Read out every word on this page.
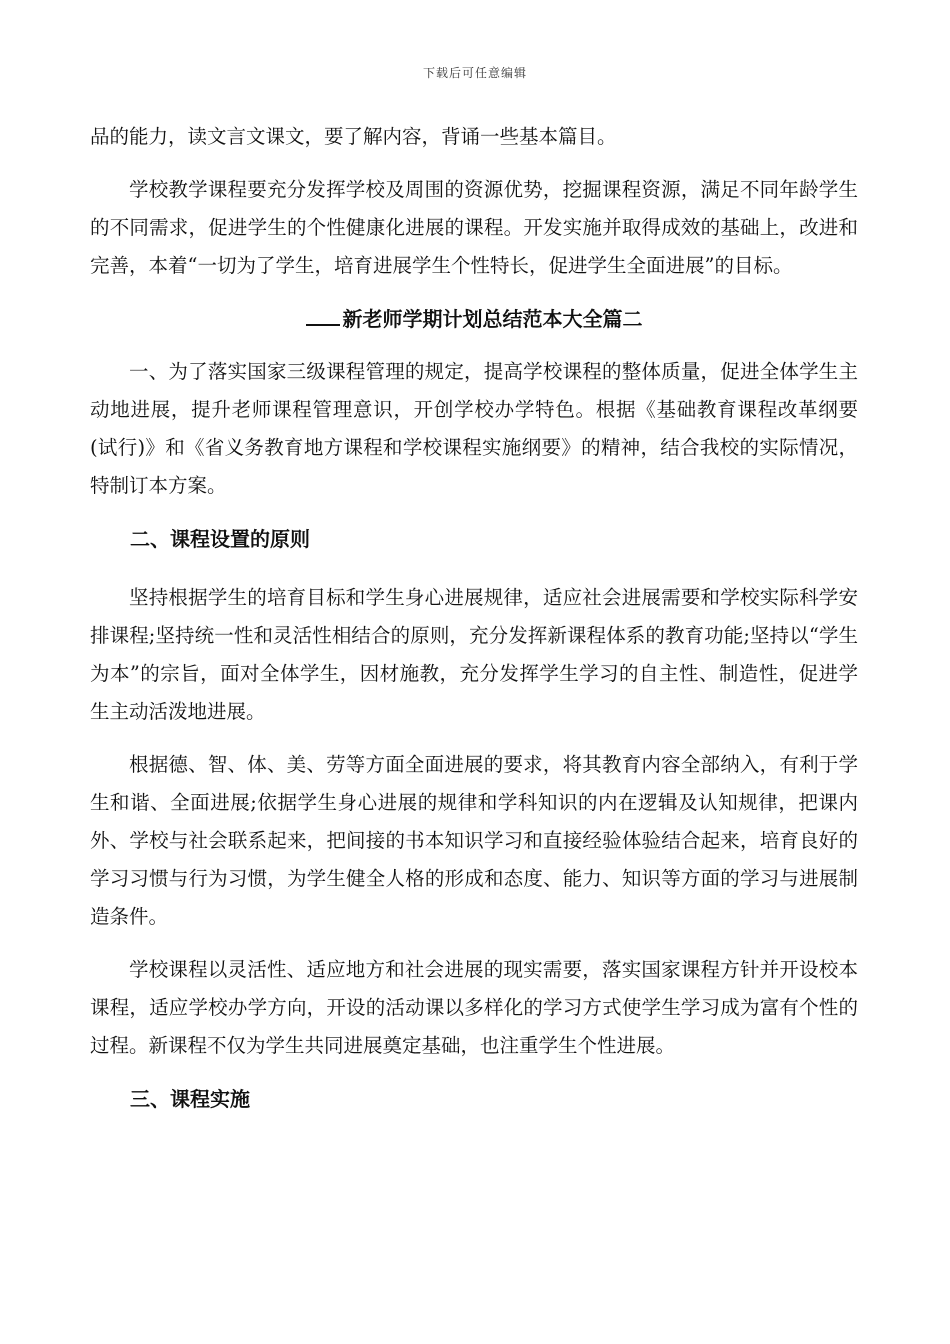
下载后可任意编辑

品的能力，读文言文课文，要了解内容，背诵一些基本篇目。

学校教学课程要充分发挥学校及周围的资源优势，挖掘课程资源，满足不同年龄学生的不同需求，促进学生的个性健康化进展的课程。开发实施并取得成效的基础上，改进和完善，本着“一切为了学生，培育进展学生个性特长，促进学生全面进展”的目标。

新老师学期计划总结范本大全篇二

一、为了落实国家三级课程管理的规定，提高学校课程的整体质量，促进全体学生主动地进展，提升老师课程管理意识，开创学校办学特色。根据《基础教育课程改革纲要(试行)》和《省义务教育地方课程和学校课程实施纲要》的精神，结合我校的实际情况，特制订本方案。

二、课程设置的原则

坚持根据学生的培育目标和学生身心进展规律，适应社会进展需要和学校实际科学安排课程;坚持统一性和灵活性相结合的原则，充分发挥新课程体系的教育功能;坚持以“学生为本”的宗旨，面对全体学生，因材施教，充分发挥学生学习的自主性、制造性，促进学生主动活泼地进展。

根据德、智、体、美、劳等方面全面进展的要求，将其教育内容全部纳入，有利于学生和谐、全面进展;依据学生身心进展的规律和学科知识的内在逻辑及认知规律，把课内外、学校与社会联系起来，把间接的书本知识学习和直接经验体验结合起来，培育良好的学习习惯与行为习惯，为学生健全人格的形成和态度、能力、知识等方面的学习与进展制造条件。

学校课程以灵活性、适应地方和社会进展的现实需要，落实国家课程方针并开设校本课程，适应学校办学方向，开设的活动课以多样化的学习方式使学生学习成为富有个性的过程。新课程不仅为学生共同进展奠定基础，也注重学生个性进展。

三、课程实施
